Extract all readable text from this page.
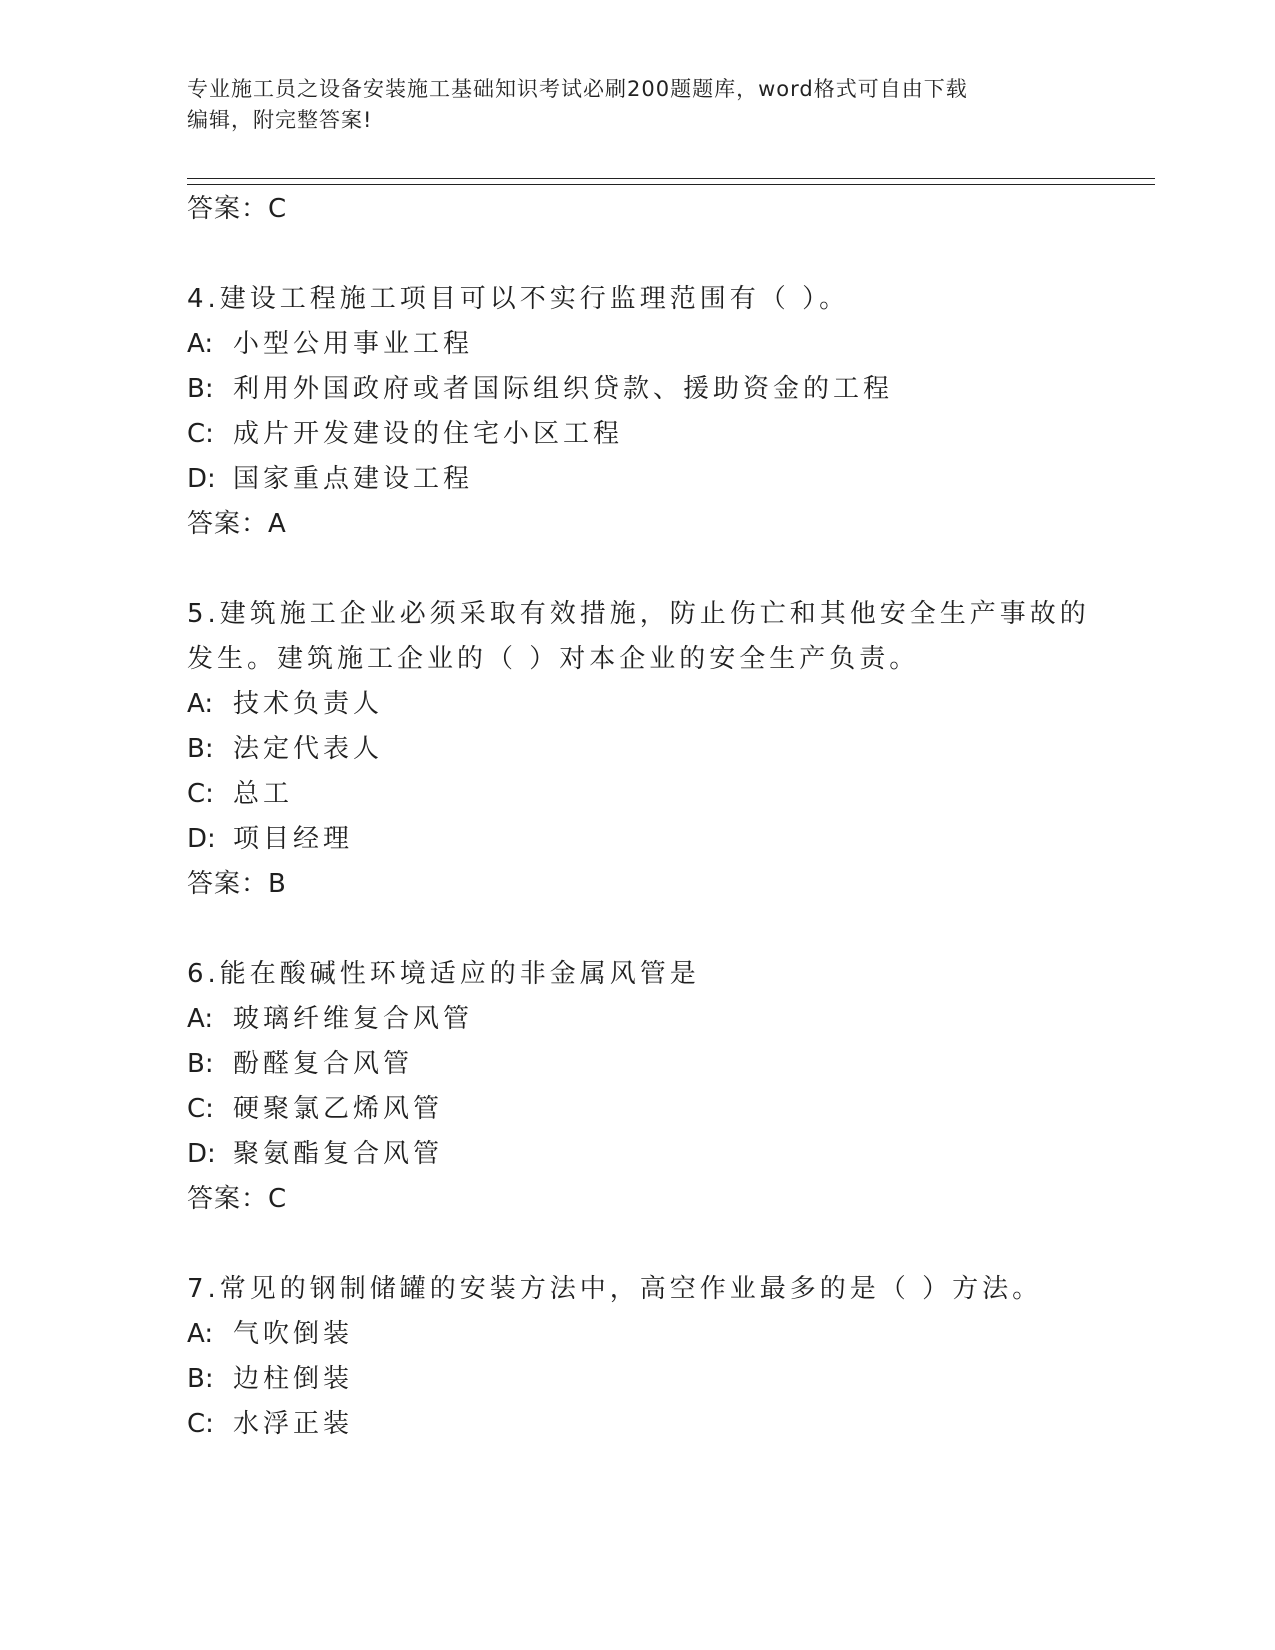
专业施工员之设备安装施工基础知识考试必刷200题题库，word格式可自由下载
编辑，附完整答案!
答案：C
4.建设工程施工项目可以不实行监理范围有（ ）。
A: 小型公用事业工程
B: 利用外国政府或者国际组织贷款、援助资金的工程
C: 成片开发建设的住宅小区工程
D: 国家重点建设工程
答案：A
5.建筑施工企业必须采取有效措施，防止伤亡和其他安全生产事故的
发生。建筑施工企业的（ ）对本企业的安全生产负责。
A: 技术负责人
B: 法定代表人
C: 总工
D: 项目经理
答案：B
6.能在酸碱性环境适应的非金属风管是
A: 玻璃纤维复合风管
B: 酚醛复合风管
C: 硬聚氯乙烯风管
D: 聚氨酯复合风管
答案：C
7.常见的钢制储罐的安装方法中，高空作业最多的是（ ）方法。
A: 气吹倒装
B: 边柱倒装
C: 水浮正装
